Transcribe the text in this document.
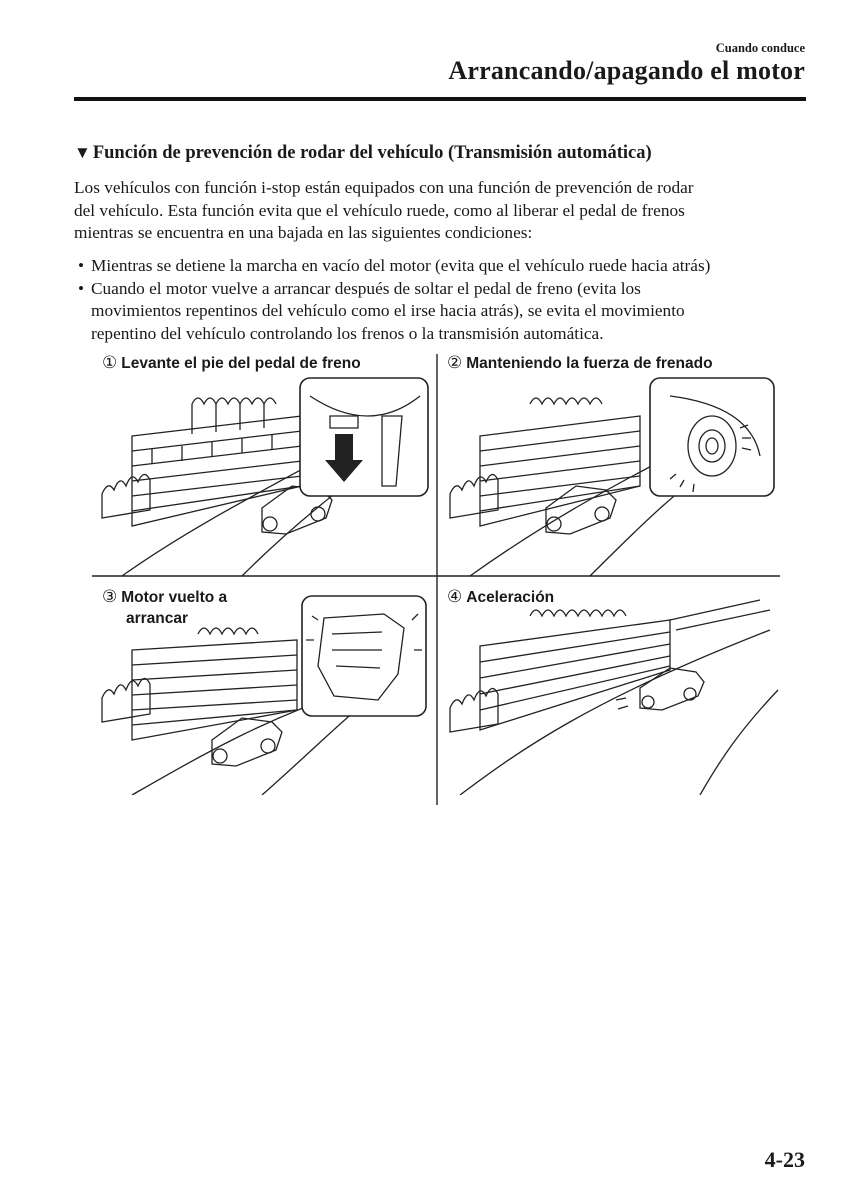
Cuando conduce
Arrancando/apagando el motor
▼ Función de prevención de rodar del vehículo (Transmisión automática)
Los vehículos con función i-stop están equipados con una función de prevención de rodar
del vehículo. Esta función evita que el vehículo ruede, como al liberar el pedal de frenos
mientras se encuentra en una bajada en las siguientes condiciones:
• Mientras se detiene la marcha en vacío del motor (evita que el vehículo ruede hacia atrás)
• Cuando el motor vuelve a arrancar después de soltar el pedal de freno (evita los
movimientos repentinos del vehículo como el irse hacia atrás), se evita el movimiento
repentino del vehículo controlando los frenos o la transmisión automática.
① Levante el pie del pedal de freno	② Manteniendo la fuerza de frenado
③ Motor vuelto a
arrancar
④ Aceleración
4-23
